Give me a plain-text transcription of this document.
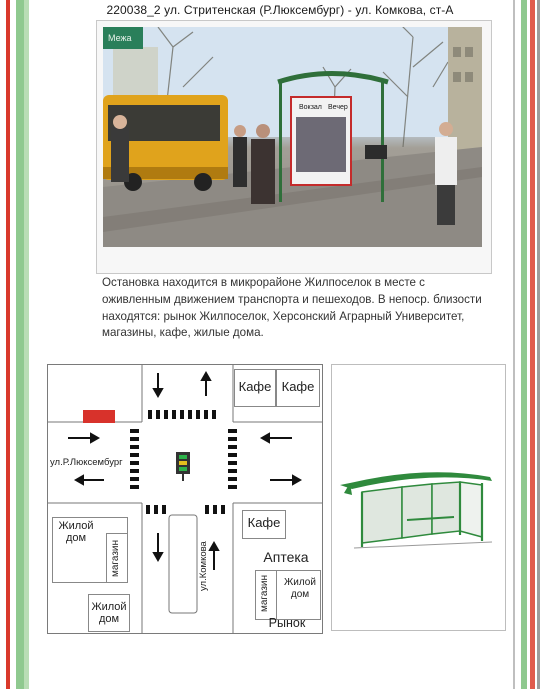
220038_2 ул. Стритенская (Р.Люксембург) - ул. Комкова, ст-А
Межа
Вокзал Вечер
Остановка находится в микрорайоне Жилпоселок в месте с
оживленным движением транспорта и пешеходов. В непоср. близости
находятся: рынок Жилпоселок, Херсонский Аграрный Университет,
магазины, кафе, жилые дома.
Кафе Кафе
ул.Р.Люксембург
ул.Комкова
Жилой
дом
магазин
Жилой
дом
Кафе
Аптека
магазин Жилой
дом
Рынок
